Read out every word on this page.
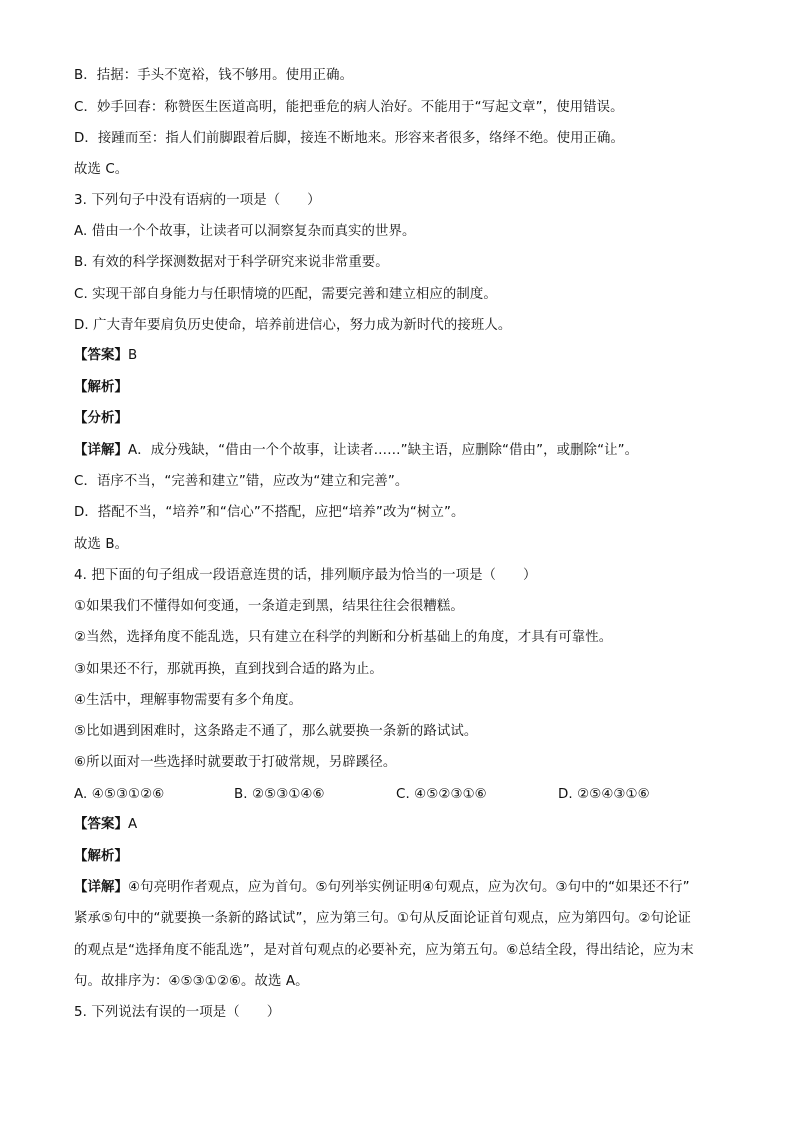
B．拮据：手头不宽裕，钱不够用。使用正确。
C．妙手回春：称赞医生医道高明，能把垂危的病人治好。不能用于“写起文章”，使用错误。
D．接踵而至：指人们前脚跟着后脚，接连不断地来。形容来者很多，络绎不绝。使用正确。
故选 C。
3. 下列句子中没有语病的一项是（　　）
A. 借由一个个故事，让读者可以洞察复杂而真实的世界。
B. 有效的科学探测数据对于科学研究来说非常重要。
C. 实现干部自身能力与任职情境的匹配，需要完善和建立相应的制度。
D. 广大青年要肩负历史使命，培养前进信心，努力成为新时代的接班人。
【答案】B
【解析】
【分析】
【详解】A．成分残缺，“借由一个个故事，让读者……”缺主语，应删除“借由”，或删除“让”。
C．语序不当，“完善和建立”错，应改为“建立和完善”。
D．搭配不当，“培养”和“信心”不搭配，应把“培养”改为“树立”。
故选 B。
4. 把下面的句子组成一段语意连贯的话，排列顺序最为恰当的一项是（　　）
①如果我们不懂得如何变通，一条道走到黑，结果往往会很糟糕。
②当然，选择角度不能乱选，只有建立在科学的判断和分析基础上的角度，才具有可靠性。
③如果还不行，那就再换，直到找到合适的路为止。
④生活中，理解事物需要有多个角度。
⑤比如遇到困难时，这条路走不通了，那么就要换一条新的路试试。
⑥所以面对一些选择时就要敢于打破常规，另辟蹊径。
A. ④⑤③①②⑥	B. ②⑤③①④⑥	C. ④⑤②③①⑥	D. ②⑤④③①⑥
【答案】A
【解析】
【详解】④句亮明作者观点，应为首句。⑤句列举实例证明④句观点，应为次句。③句中的“如果还不行”
紧承⑤句中的“就要换一条新的路试试”，应为第三句。①句从反面论证首句观点，应为第四句。②句论证
的观点是“选择角度不能乱选”，是对首句观点的必要补充，应为第五句。⑥总结全段，得出结论，应为末
句。故排序为：④⑤③①②⑥。故选 A。
5. 下列说法有误的一项是（　　）
